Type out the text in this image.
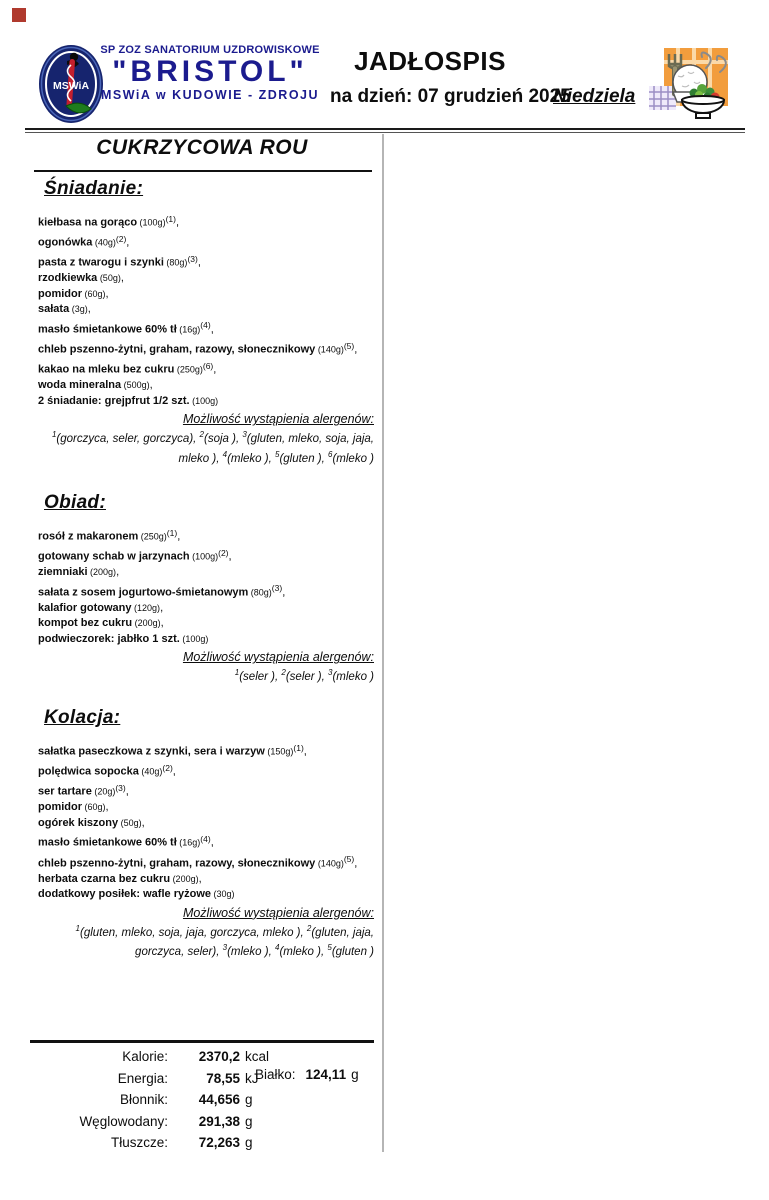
MSWiA
SP ZOZ SANATORIUM UZDROWISKOWE
"BRISTOL"
MSWiA w KUDOWIE - ZDROJU
JADŁOSPIS
na dzień: 07 grudzień 2025
Niedziela
CUKRZYCOWA ROU
Śniadanie:
kiełbasa na gorąco $(100g)^{(1)}$,
ogonówka $(40g)^{(2)}$,
pasta z twarogu i szynki $(80g)^{(3)}$,
rzodkiewka (50g),
pomidor (60g),
sałata (3g),
masło śmietankowe 60% tł $(16g)^{(4)}$,
chleb pszenno-żytni, graham, razowy, słonecznikowy $(140g)^{(5)}$,
kakao na mleku bez cukru $(250g)^{(6)}$,
woda mineralna (500g),
2 śniadanie: grejpfrut 1/2 szt. (100g)
Możliwość wystąpienia alergenów:
$^1$(gorczyca, seler, gorczyca), $^2$(soja ), $^3$(gluten, mleko, soja, jaja, mleko ), $^4$(mleko ), $^5$(gluten ), $^6$(mleko )
Obiad:
rosół z makaronem $(250g)^{(1)}$,
gotowany schab w jarzynach $(100g)^{(2)}$,
ziemniaki (200g),
sałata z sosem jogurtowo-śmietanowym $(80g)^{(3)}$,
kalafior gotowany (120g),
kompot bez cukru (200g),
podwieczorek: jabłko 1 szt. (100g)
Możliwość wystąpienia alergenów:
$^1$(seler ), $^2$(seler ), $^3$(mleko )
Kolacja:
sałatka paseczkowa z szynki, sera i warzyw $(150g)^{(1)}$,
polędwica sopocka $(40g)^{(2)}$,
ser tartare $(20g)^{(3)}$,
pomidor (60g),
ogórek kiszony (50g),
masło śmietankowe 60% tł $(16g)^{(4)}$,
chleb pszenno-żytni, graham, razowy, słonecznikowy $(140g)^{(5)}$,
herbata czarna bez cukru (200g),
dodatkowy posiłek: wafle ryżowe (30g)
Możliwość wystąpienia alergenów:
$^1$(gluten, mleko, soja, jaja, gorczyca, mleko ), $^2$(gluten, jaja, gorczyca, seler), $^3$(mleko ), $^4$(mleko ), $^5$(gluten )
Kalorie: 2370,2 kcal
Energia:	78,55 kJ
Błonnik: 44,656 g
Węglowodany: 291,38 g
Tłuszcze: 72,263 g
Białko: 124,11 g
